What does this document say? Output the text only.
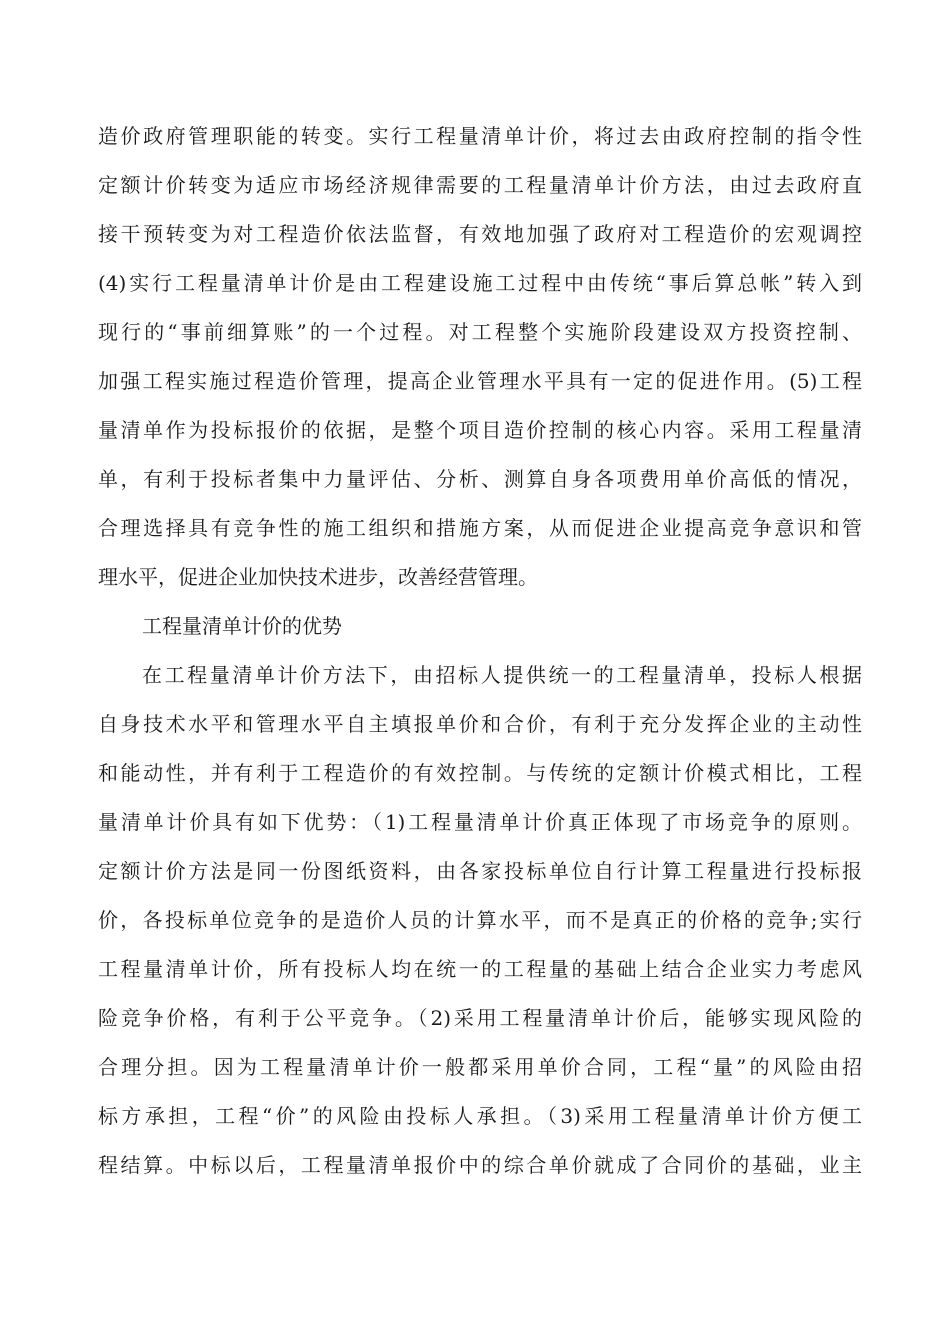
造价政府管理职能的转变。实行工程量清单计价，将过去由政府控制的指令性
定额计价转变为适应市场经济规律需要的工程量清单计价方法，由过去政府直
接干预转变为对工程造价依法监督，有效地加强了政府对工程造价的宏观调控
(4)实行工程量清单计价是由工程建设施工过程中由传统“事后算总帐”转入到
现行的“事前细算账”的一个过程。对工程整个实施阶段建设双方投资控制、
加强工程实施过程造价管理，提高企业管理水平具有一定的促进作用。(5)工程
量清单作为投标报价的依据，是整个项目造价控制的核心内容。采用工程量清
单，有利于投标者集中力量评估、分析、测算自身各项费用单价高低的情况，
合理选择具有竞争性的施工组织和措施方案，从而促进企业提高竞争意识和管
理水平，促进企业加快技术进步，改善经营管理。
工程量清单计价的优势
在工程量清单计价方法下，由招标人提供统一的工程量清单，投标人根据
自身技术水平和管理水平自主填报单价和合价，有利于充分发挥企业的主动性
和能动性，并有利于工程造价的有效控制。与传统的定额计价模式相比，工程
量清单计价具有如下优势：（1)工程量清单计价真正体现了市场竞争的原则。
定额计价方法是同一份图纸资料，由各家投标单位自行计算工程量进行投标报
价，各投标单位竞争的是造价人员的计算水平，而不是真正的价格的竞争;实行
工程量清单计价，所有投标人均在统一的工程量的基础上结合企业实力考虑风
险竞争价格，有利于公平竞争。（2)采用工程量清单计价后，能够实现风险的
合理分担。因为工程量清单计价一般都采用单价合同，工程“量”的风险由招
标方承担，工程“价”的风险由投标人承担。（3)采用工程量清单计价方便工
程结算。中标以后，工程量清单报价中的综合单价就成了合同价的基础，业主
